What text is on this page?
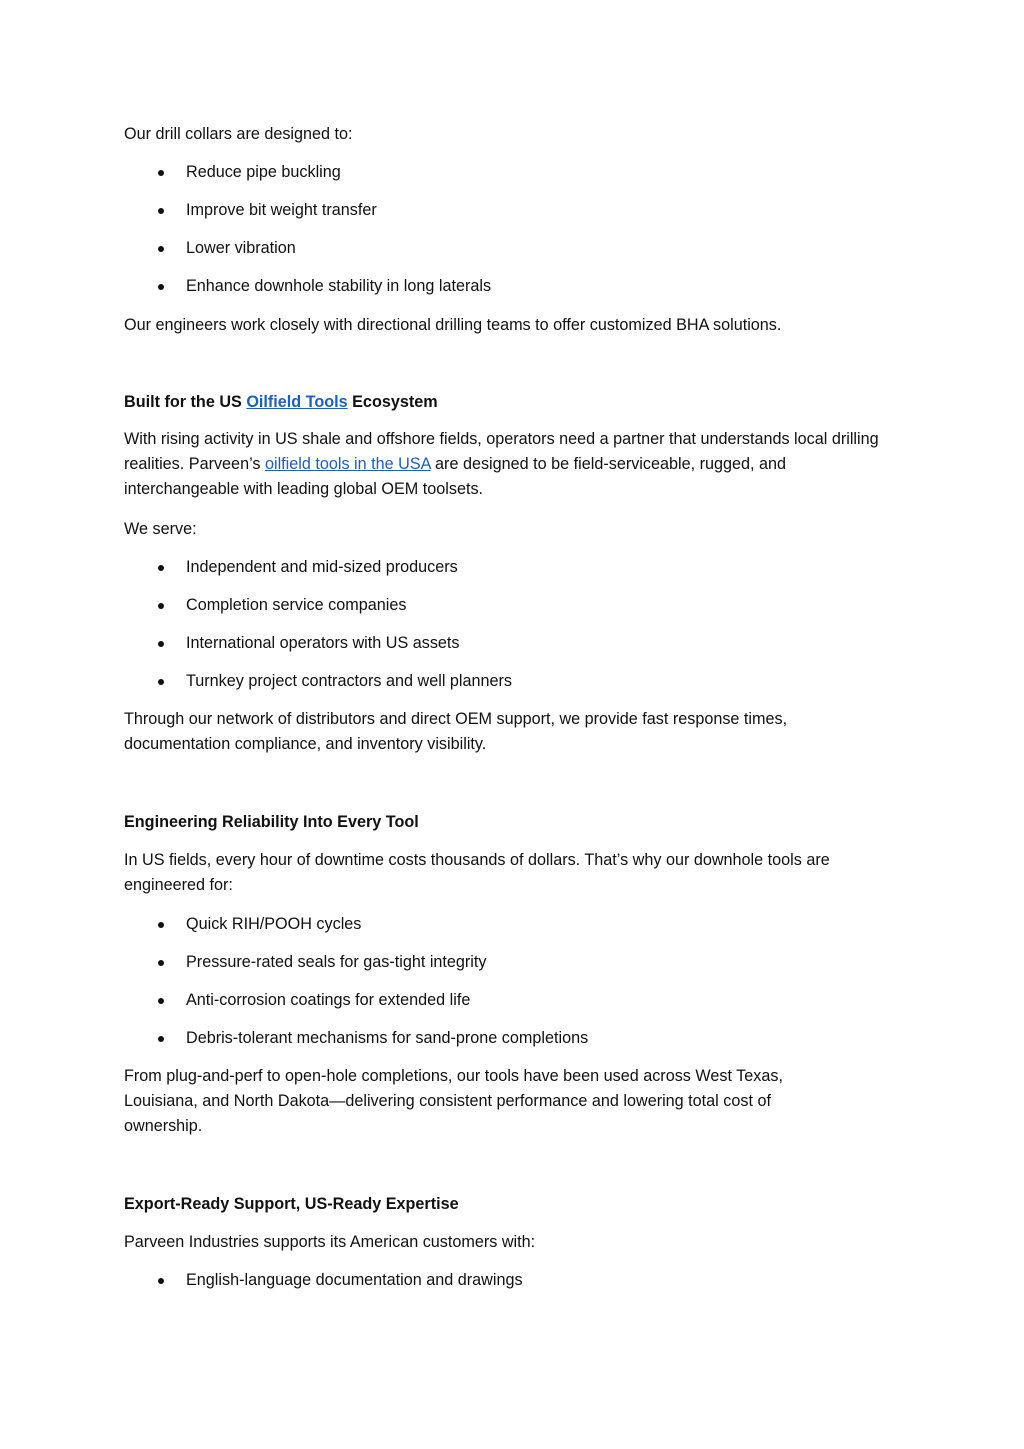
Our drill collars are designed to:

Reduce pipe buckling
Improve bit weight transfer
Lower vibration
Enhance downhole stability in long laterals

Our engineers work closely with directional drilling teams to offer customized BHA solutions.

Built for the US Oilfield Tools Ecosystem

With rising activity in US shale and offshore fields, operators need a partner that understands local drilling realities. Parveen’s oilfield tools in the USA are designed to be field-serviceable, rugged, and interchangeable with leading global OEM toolsets.

We serve:

Independent and mid-sized producers
Completion service companies
International operators with US assets
Turnkey project contractors and well planners

Through our network of distributors and direct OEM support, we provide fast response times, documentation compliance, and inventory visibility.

Engineering Reliability Into Every Tool

In US fields, every hour of downtime costs thousands of dollars. That’s why our downhole tools are engineered for:

Quick RIH/POOH cycles
Pressure-rated seals for gas-tight integrity
Anti-corrosion coatings for extended life
Debris-tolerant mechanisms for sand-prone completions

From plug-and-perf to open-hole completions, our tools have been used across West Texas, Louisiana, and North Dakota—delivering consistent performance and lowering total cost of ownership.

Export-Ready Support, US-Ready Expertise

Parveen Industries supports its American customers with:

English-language documentation and drawings
